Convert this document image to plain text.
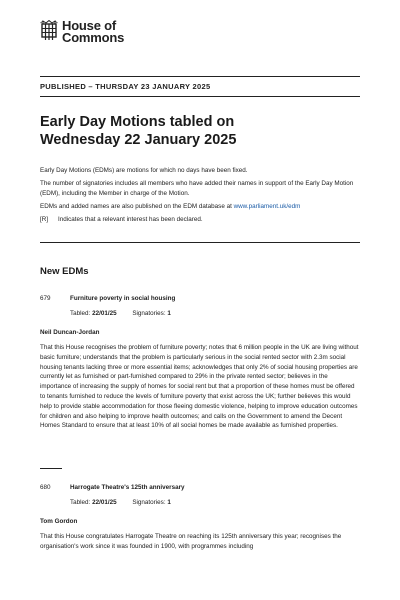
House of
Commons
PUBLISHED – THURSDAY 23 JANUARY 2025
Early Day Motions tabled on
Wednesday 22 January 2025

Early Day Motions (EDMs) are motions for which no days have been fixed.

The number of signatories includes all members who have added their names in support of the Early Day Motion (EDM), including the Member in charge of the Motion.

EDMs and added names are also published on the EDM database at www.parliament.uk/edm

[R]	Indicates that a relevant interest has been declared.

New EDMs
679	Furniture poverty in social housing
Tabled: 22/01/25	Signatories: 1
Neil Duncan-Jordan
That this House recognises the problem of furniture poverty; notes that 6 million people in the UK are living without basic furniture; understands that the problem is particularly serious in the social rented sector with 2.3m social housing tenants lacking three or more essential items; acknowledges that only 2% of social housing properties are currently let as furnished or part-furnished compared to 29% in the private rented sector; believes in the importance of increasing the supply of homes for social rent but that a proportion of these homes must be offered to tenants furnished to reduce the levels of furniture poverty that exist across the UK; further believes this would help to provide stable accommodation for those fleeing domestic violence, helping to improve education outcomes for children and also helping to improve health outcomes; and calls on the Government to amend the Decent Homes Standard to ensure that at least 10% of all social homes be made available as furnished properties.
680	Harrogate Theatre's 125th anniversary
Tabled: 22/01/25	Signatories: 1
Tom Gordon
That this House congratulates Harrogate Theatre on reaching its 125th anniversary this year; recognises the organisation's work since it was founded in 1900, with programmes including
